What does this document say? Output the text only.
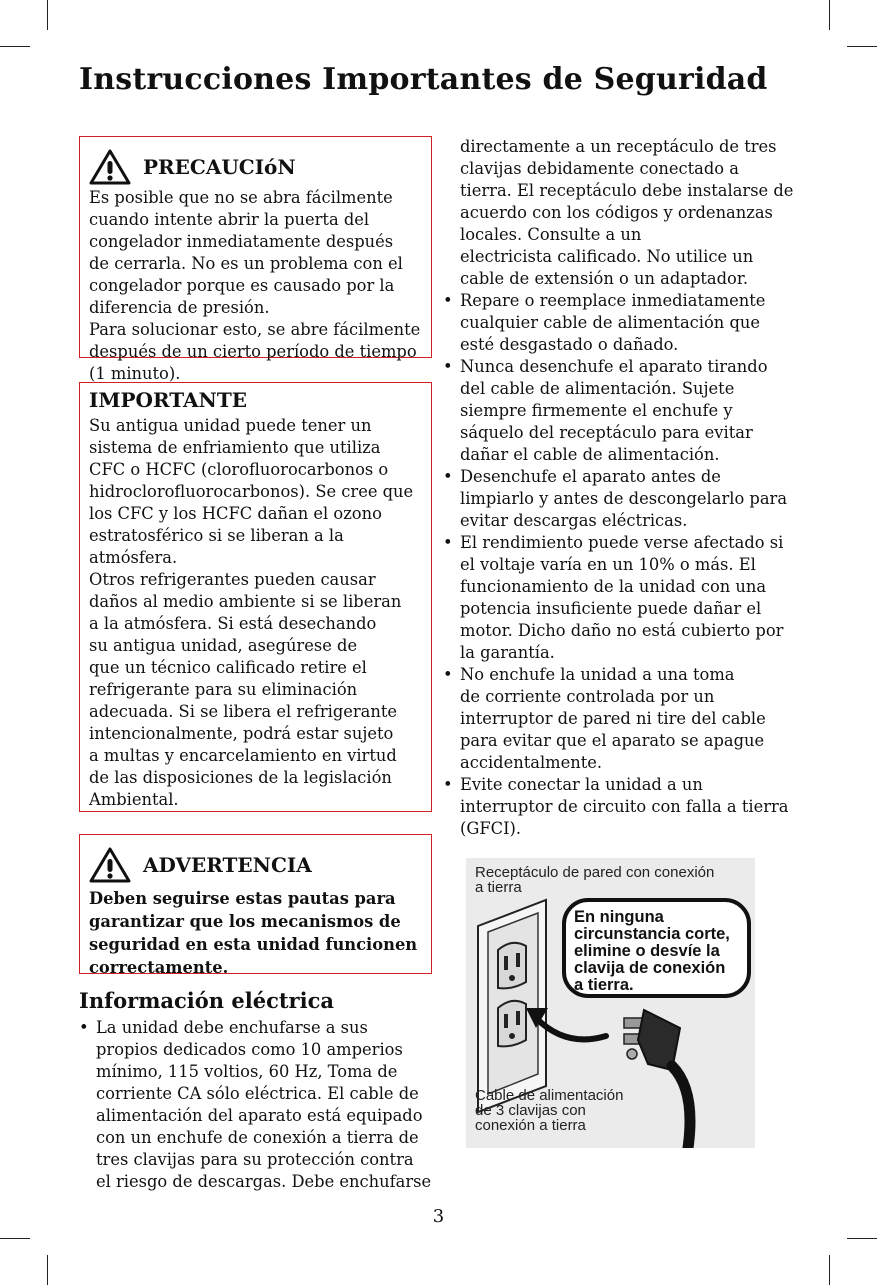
Instrucciones Importantes de Seguridad
PRECAUCIóN

Es posible que no se abra fácilmente

cuando intente abrir la puerta del

congelador inmediatamente después

de cerrarla. No es un problema con el

congelador porque es causado por la

diferencia de presión.

Para solucionar esto, se abre fácilmente

después de un cierto período de tiempo

(1 minuto).

IMPORTANTE

Su antigua unidad puede tener un

sistema de enfriamiento que utiliza

CFC o HCFC (clorofluorocarbonos o

hidroclorofluorocarbonos). Se cree que

los CFC y los HCFC dañan el ozono

estratosférico si se liberan a la

atmósfera.

Otros refrigerantes pueden causar

daños al medio ambiente si se liberan

a la atmósfera. Si está desechando

su antigua unidad, asegúrese de

que un técnico calificado retire el

refrigerante para su eliminación

adecuada. Si se libera el refrigerante

intencionalmente, podrá estar sujeto

a multas y encarcelamiento en virtud

de las disposiciones de la legislación

Ambiental.

ADVERTENCIA

Deben seguirse estas pautas para

garantizar que los mecanismos de

seguridad en esta unidad funcionen

correctamente.

Información eléctrica
• La unidad debe enchufarse a sus
propios dedicados como 10 amperios
mínimo, 115 voltios, 60 Hz, Toma de
corriente CA sólo eléctrica. El cable de
alimentación del aparato está equipado
con un enchufe de conexión a tierra de
tres clavijas para su protección contra
el riesgo de descargas. Debe enchufarse

directamente a un receptáculo de tres

clavijas debidamente conectado a

tierra. El receptáculo debe instalarse de

acuerdo con los códigos y ordenanzas

locales. Consulte a un

electricista calificado. No utilice un

cable de extensión o un adaptador.

• Repare o reemplace inmediatamente
cualquier cable de alimentación que
esté desgastado o dañado.
• Nunca desenchufe el aparato tirando
del cable de alimentación. Sujete
siempre firmemente el enchufe y
sáquelo del receptáculo para evitar
dañar el cable de alimentación.
• Desenchufe el aparato antes de
limpiarlo y antes de descongelarlo para
evitar descargas eléctricas.
• El rendimiento puede verse afectado si
el voltaje varía en un 10% o más. El
funcionamiento de la unidad con una
potencia insuficiente puede dañar el
motor. Dicho daño no está cubierto por
la garantía.
• No enchufe la unidad a una toma
de corriente controlada por un
interruptor de pared ni tire del cable
para evitar que el aparato se apague
accidentalmente.
• Evite conectar la unidad a un
interruptor de circuito con falla a tierra
(GFCI).
Receptáculo de pared con conexión
a tierra
En ninguna
circunstancia corte,
elimine o desvíe la
clavija de conexión
a tierra.
Cable de alimentación
de 3 clavijas con
conexión a tierra
3
